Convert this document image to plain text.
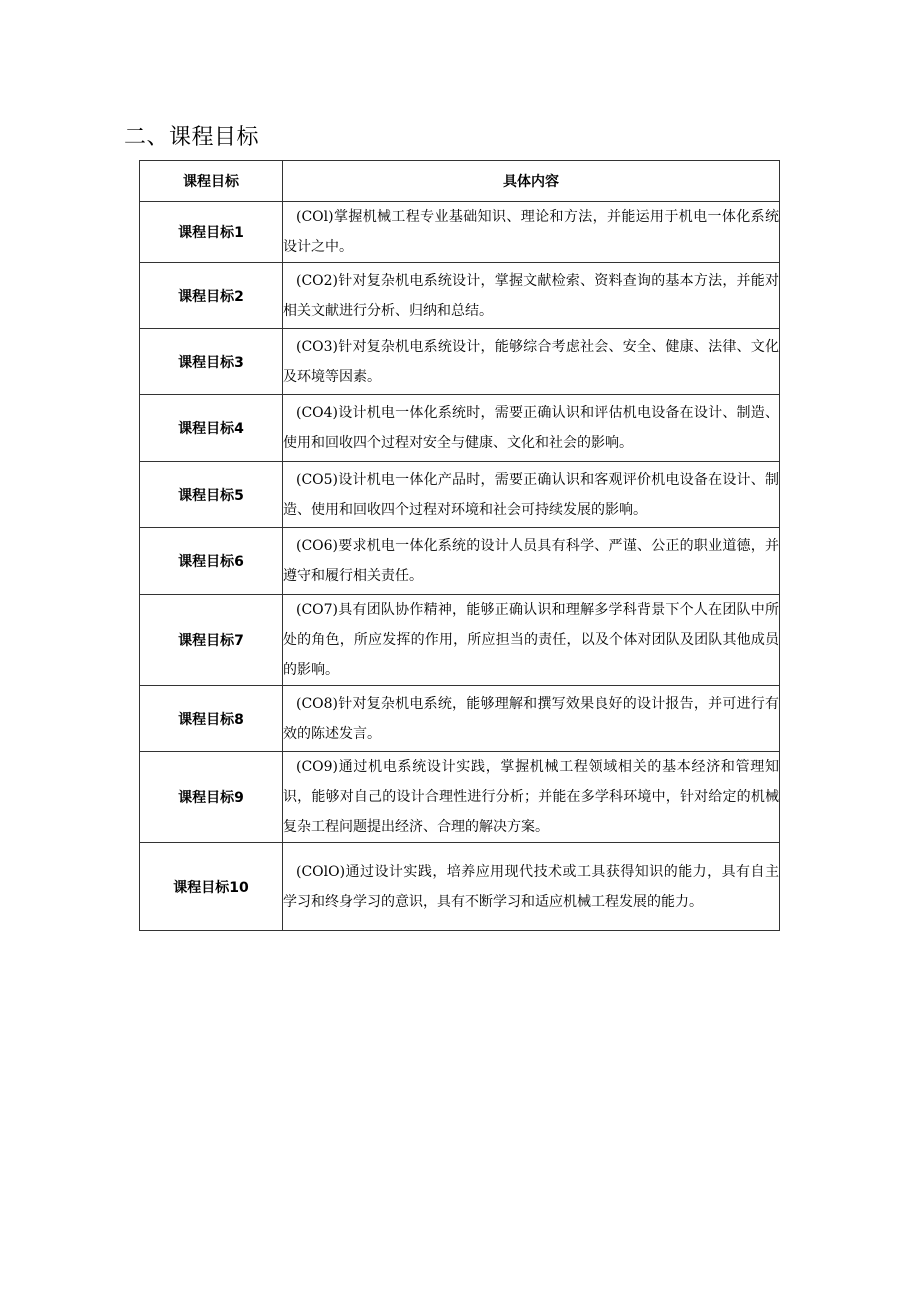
二、课程目标
课程目标	具体内容
课程目标1	(COl)掌握机械工程专业基础知识、理论和方法，并能运用于机电一体化系统设计之中。
课程目标2	(CO2)针对复杂机电系统设计，掌握文献检索、资料查询的基本方法，并能对相关文献进行分析、归纳和总结。
课程目标3	(CO3)针对复杂机电系统设计，能够综合考虑社会、安全、健康、法律、文化及环境等因素。
课程目标4	(CO4)设计机电一体化系统时，需要正确认识和评估机电设备在设计、制造、使用和回收四个过程对安全与健康、文化和社会的影响。
课程目标5	(CO5)设计机电一体化产品时，需要正确认识和客观评价机电设备在设计、制造、使用和回收四个过程对环境和社会可持续发展的影响。
课程目标6	(CO6)要求机电一体化系统的设计人员具有科学、严谨、公正的职业道德，并遵守和履行相关责任。
课程目标7	(CO7)具有团队协作精神，能够正确认识和理解多学科背景下个人在团队中所处的角色，所应发挥的作用，所应担当的责任，以及个体对团队及团队其他成员的影响。
课程目标8	(CO8)针对复杂机电系统，能够理解和撰写效果良好的设计报告，并可进行有效的陈述发言。
课程目标9	(CO9)通过机电系统设计实践，掌握机械工程领域相关的基本经济和管理知识，能够对自己的设计合理性进行分析；并能在多学科环境中，针对给定的机械复杂工程问题提出经济、合理的解决方案。
课程目标10	(COlO)通过设计实践，培养应用现代技术或工具获得知识的能力，具有自主学习和终身学习的意识，具有不断学习和适应机械工程发展的能力。
